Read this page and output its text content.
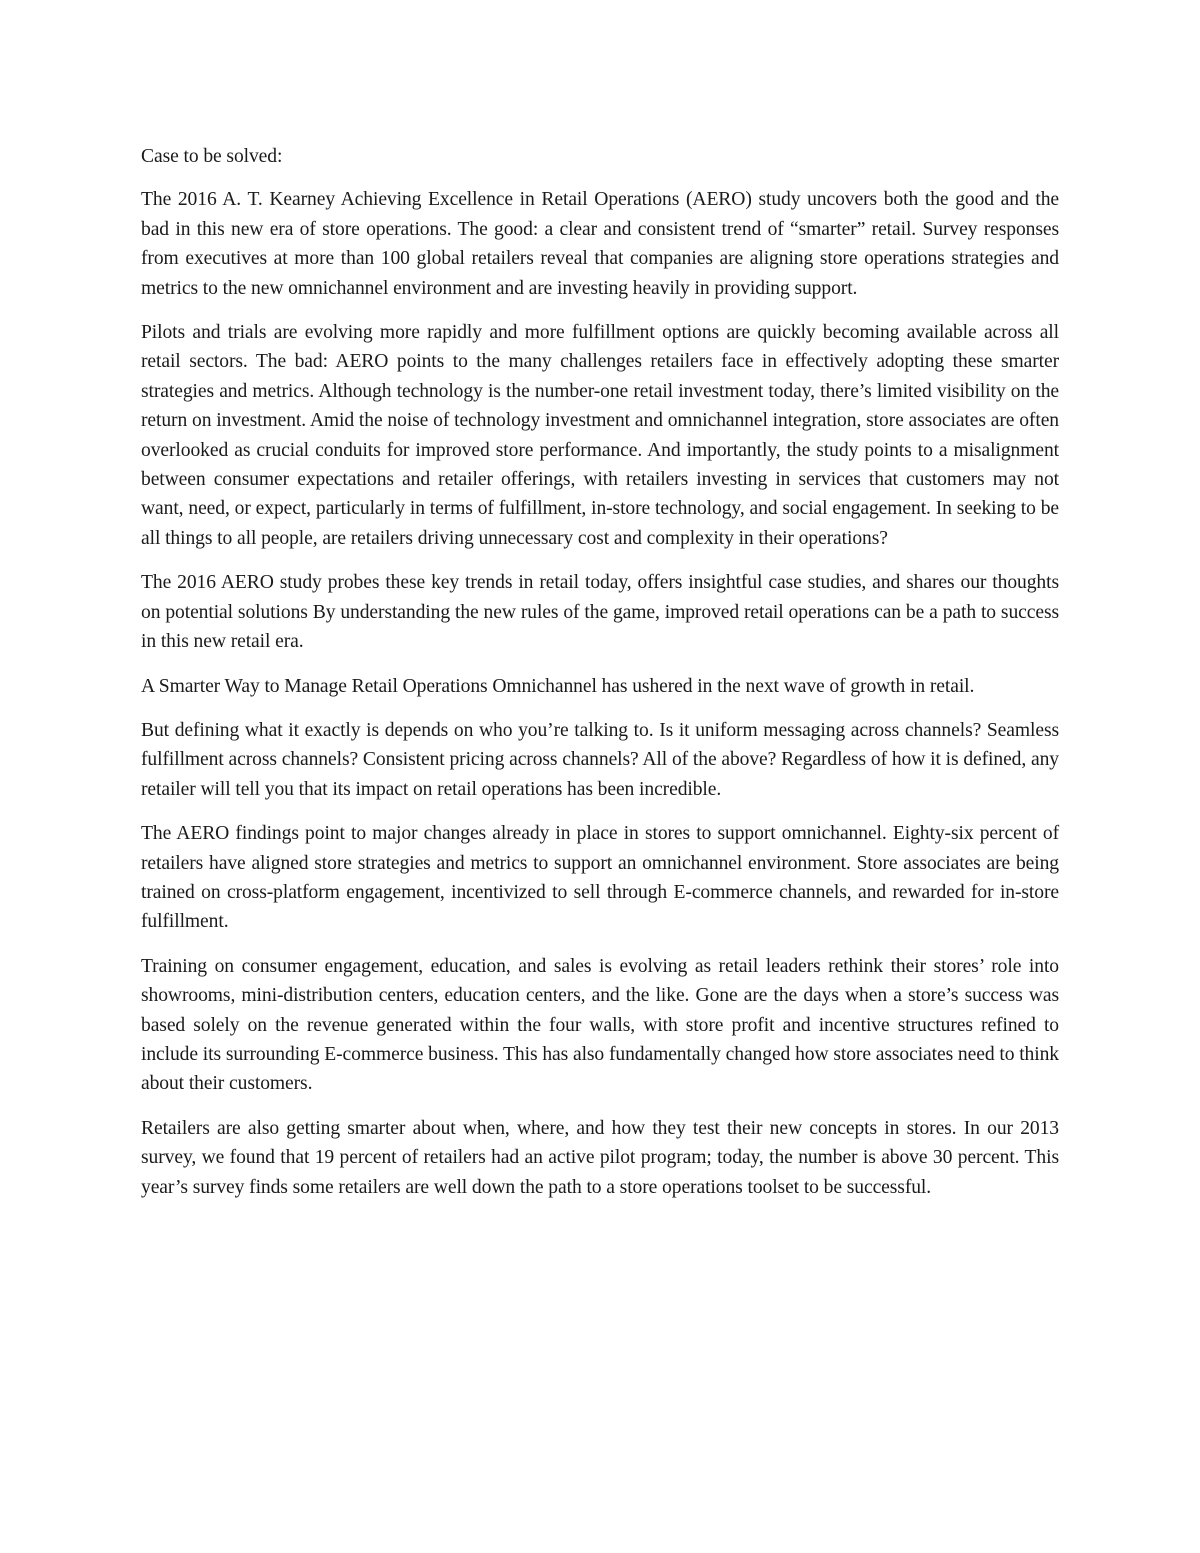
Case to be solved:

The 2016 A. T. Kearney Achieving Excellence in Retail Operations (AERO) study uncovers both the good and the bad in this new era of store operations. The good: a clear and consistent trend of “smarter” retail. Survey responses from executives at more than 100 global retailers reveal that companies are aligning store operations strategies and metrics to the new omnichannel environment and are investing heavily in providing support.

Pilots and trials are evolving more rapidly and more fulfillment options are quickly becoming available across all retail sectors. The bad: AERO points to the many challenges retailers face in effectively adopting these smarter strategies and metrics. Although technology is the number-one retail investment today, there’s limited visibility on the return on investment. Amid the noise of technology investment and omnichannel integration, store associates are often overlooked as crucial conduits for improved store performance. And importantly, the study points to a misalignment between consumer expectations and retailer offerings, with retailers investing in services that customers may not want, need, or expect, particularly in terms of fulfillment, in-store technology, and social engagement. In seeking to be all things to all people, are retailers driving unnecessary cost and complexity in their operations?

The 2016 AERO study probes these key trends in retail today, offers insightful case studies, and shares our thoughts on potential solutions By understanding the new rules of the game, improved retail operations can be a path to success in this new retail era.

A Smarter Way to Manage Retail Operations Omnichannel has ushered in the next wave of growth in retail.

But defining what it exactly is depends on who you’re talking to. Is it uniform messaging across channels? Seamless fulfillment across channels? Consistent pricing across channels? All of the above? Regardless of how it is defined, any retailer will tell you that its impact on retail operations has been incredible.

The AERO findings point to major changes already in place in stores to support omnichannel. Eighty-six percent of retailers have aligned store strategies and metrics to support an omnichannel environment. Store associates are being trained on cross-platform engagement, incentivized to sell through E-commerce channels, and rewarded for in-store fulfillment.

Training on consumer engagement, education, and sales is evolving as retail leaders rethink their stores’ role into showrooms, mini-distribution centers, education centers, and the like. Gone are the days when a store’s success was based solely on the revenue generated within the four walls, with store profit and incentive structures refined to include its surrounding E-commerce business. This has also fundamentally changed how store associates need to think about their customers.

Retailers are also getting smarter about when, where, and how they test their new concepts in stores. In our 2013 survey, we found that 19 percent of retailers had an active pilot program; today, the number is above 30 percent. This year’s survey finds some retailers are well down the path to a store operations toolset to be successful.
